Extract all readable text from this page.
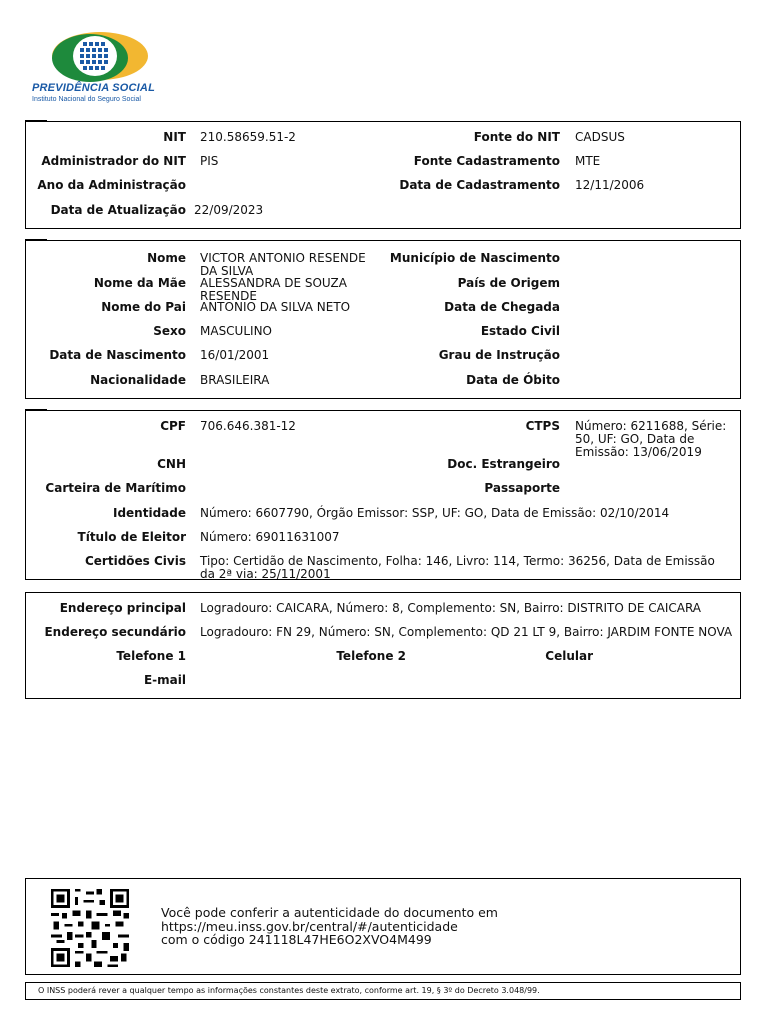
PREVIDÊNCIA SOCIAL
Instituto Nacional do Seguro Social
NIT 210.58659.51-2
Administrador do NIT PIS
Ano da Administração
Data de Atualização 22/09/2023
Fonte do NIT CADSUS
Fonte Cadastramento MTE
Data de Cadastramento 12/11/2006
Nome VICTOR ANTONIO RESENDE DA SILVA
Nome da Mãe ALESSANDRA DE SOUZA RESENDE
Nome do Pai ANTONIO DA SILVA NETO
Sexo MASCULINO
Data de Nascimento 16/01/2001
Nacionalidade BRASILEIRA
Município de Nascimento
País de Origem
Data de Chegada
Estado Civil
Grau de Instrução
Data de Óbito
CPF 706.646.381-12
CNH
Carteira de Marítimo
Identidade Número: 6607790, Órgão Emissor: SSP, UF: GO, Data de Emissão: 02/10/2014
Título de Eleitor Número: 69011631007
Certidões Civis Tipo: Certidão de Nascimento, Folha: 146, Livro: 114, Termo: 36256, Data de Emissão da 2ª via: 25/11/2001
CTPS Número: 6211688, Série: 50, UF: GO, Data de Emissão: 13/06/2019
Doc. Estrangeiro
Passaporte
Endereço principal Logradouro: CAICARA, Número: 8, Complemento: SN, Bairro: DISTRITO DE CAICARA
Endereço secundário Logradouro: FN 29, Número: SN, Complemento: QD 21 LT 9, Bairro: JARDIM FONTE NOVA
Telefone 1	Telefone 2	Celular
E-mail
Você pode conferir a autenticidade do documento em
https://meu.inss.gov.br/central/#/autenticidade
com o código 241118L47HE6O2XVO4M499
O INSS poderá rever a qualquer tempo as informações constantes deste extrato, conforme art. 19, § 3º do Decreto 3.048/99.
